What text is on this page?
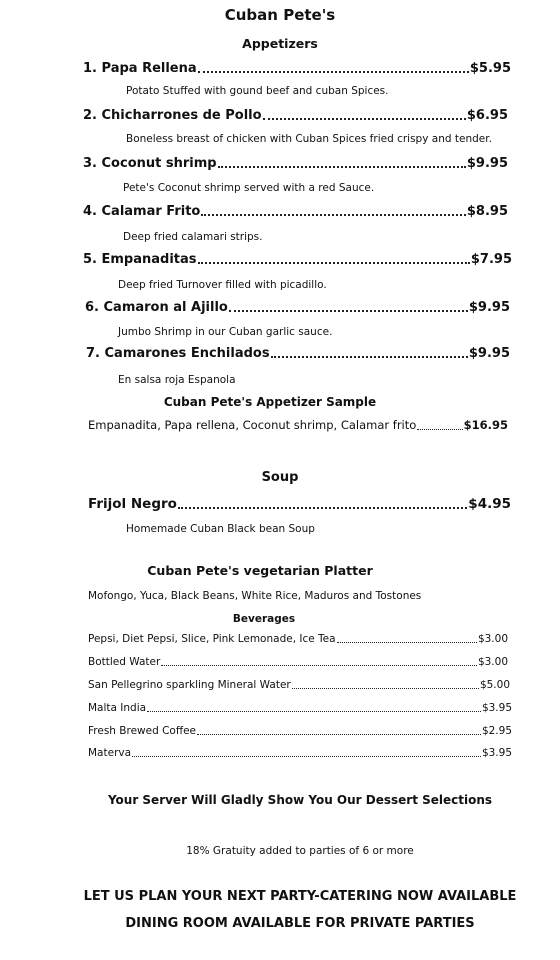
Cuban Pete's
Appetizers
1. Papa Rellena	$5.95
Potato Stuffed with gound beef and cuban Spices.
2. Chicharrones de Pollo	$6.95
Boneless breast of chicken with Cuban Spices fried crispy and tender.
3. Coconut shrimp	$9.95
Pete's Coconut shrimp served with a red Sauce.
4. Calamar Frito	$8.95
Deep fried calamari strips.
5. Empanaditas	$7.95
Deep fried Turnover filled with picadillo.
6. Camaron al Ajillo	$9.95
Jumbo Shrimp in our Cuban garlic sauce.
7. Camarones Enchilados	$9.95
En salsa roja Espanola
Cuban Pete's Appetizer Sample
Empanadita, Papa rellena, Coconut shrimp, Calamar frito	$16.95
Soup
Frijol Negro	$4.95
Homemade Cuban Black bean Soup
Cuban Pete's vegetarian Platter
Mofongo, Yuca, Black Beans, White Rice, Maduros and Tostones
Beverages
Pepsi, Diet Pepsi, Slice, Pink Lemonade, Ice Tea	$3.00
Bottled Water	$3.00
San Pellegrino sparkling Mineral Water	$5.00
Malta India	$3.95
Fresh Brewed Coffee	$2.95
Materva	$3.95
Your Server Will Gladly Show You Our Dessert Selections
18% Gratuity added to parties of 6 or more
LET US PLAN YOUR NEXT PARTY-CATERING NOW AVAILABLE
DINING ROOM AVAILABLE FOR PRIVATE PARTIES
